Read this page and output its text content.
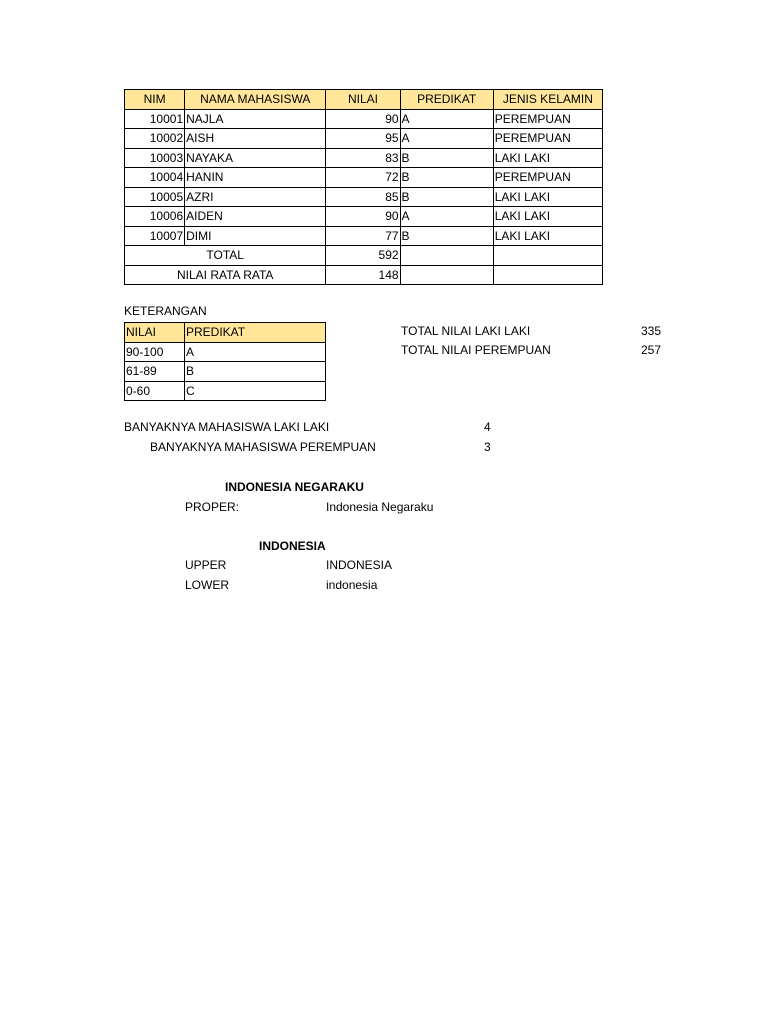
NIM	NAMA MAHASISWA	NILAI	PREDIKAT	JENIS KELAMIN
10001	NAJLA	90	A	PEREMPUAN
10002	AISH	95	A	PEREMPUAN
10003	NAYAKA	83	B	LAKI LAKI
10004	HANIN	72	B	PEREMPUAN
10005	AZRI	85	B	LAKI LAKI
10006	AIDEN	90	A	LAKI LAKI
10007	DIMI	77	B	LAKI LAKI
TOTAL		592		
NILAI RATA RATA		148		
KETERANGAN
NILAI	PREDIKAT
90-100	A
61-89	B
0-60	C
TOTAL NILAI LAKI LAKI	335
TOTAL NILAI PEREMPUAN	257
BANYAKNYA MAHASISWA LAKI LAKI	4
BANYAKNYA MAHASISWA PEREMPUAN	3
INDONESIA NEGARAKU
PROPER:	Indonesia Negaraku
INDONESIA
UPPER	INDONESIA
LOWER	indonesia
